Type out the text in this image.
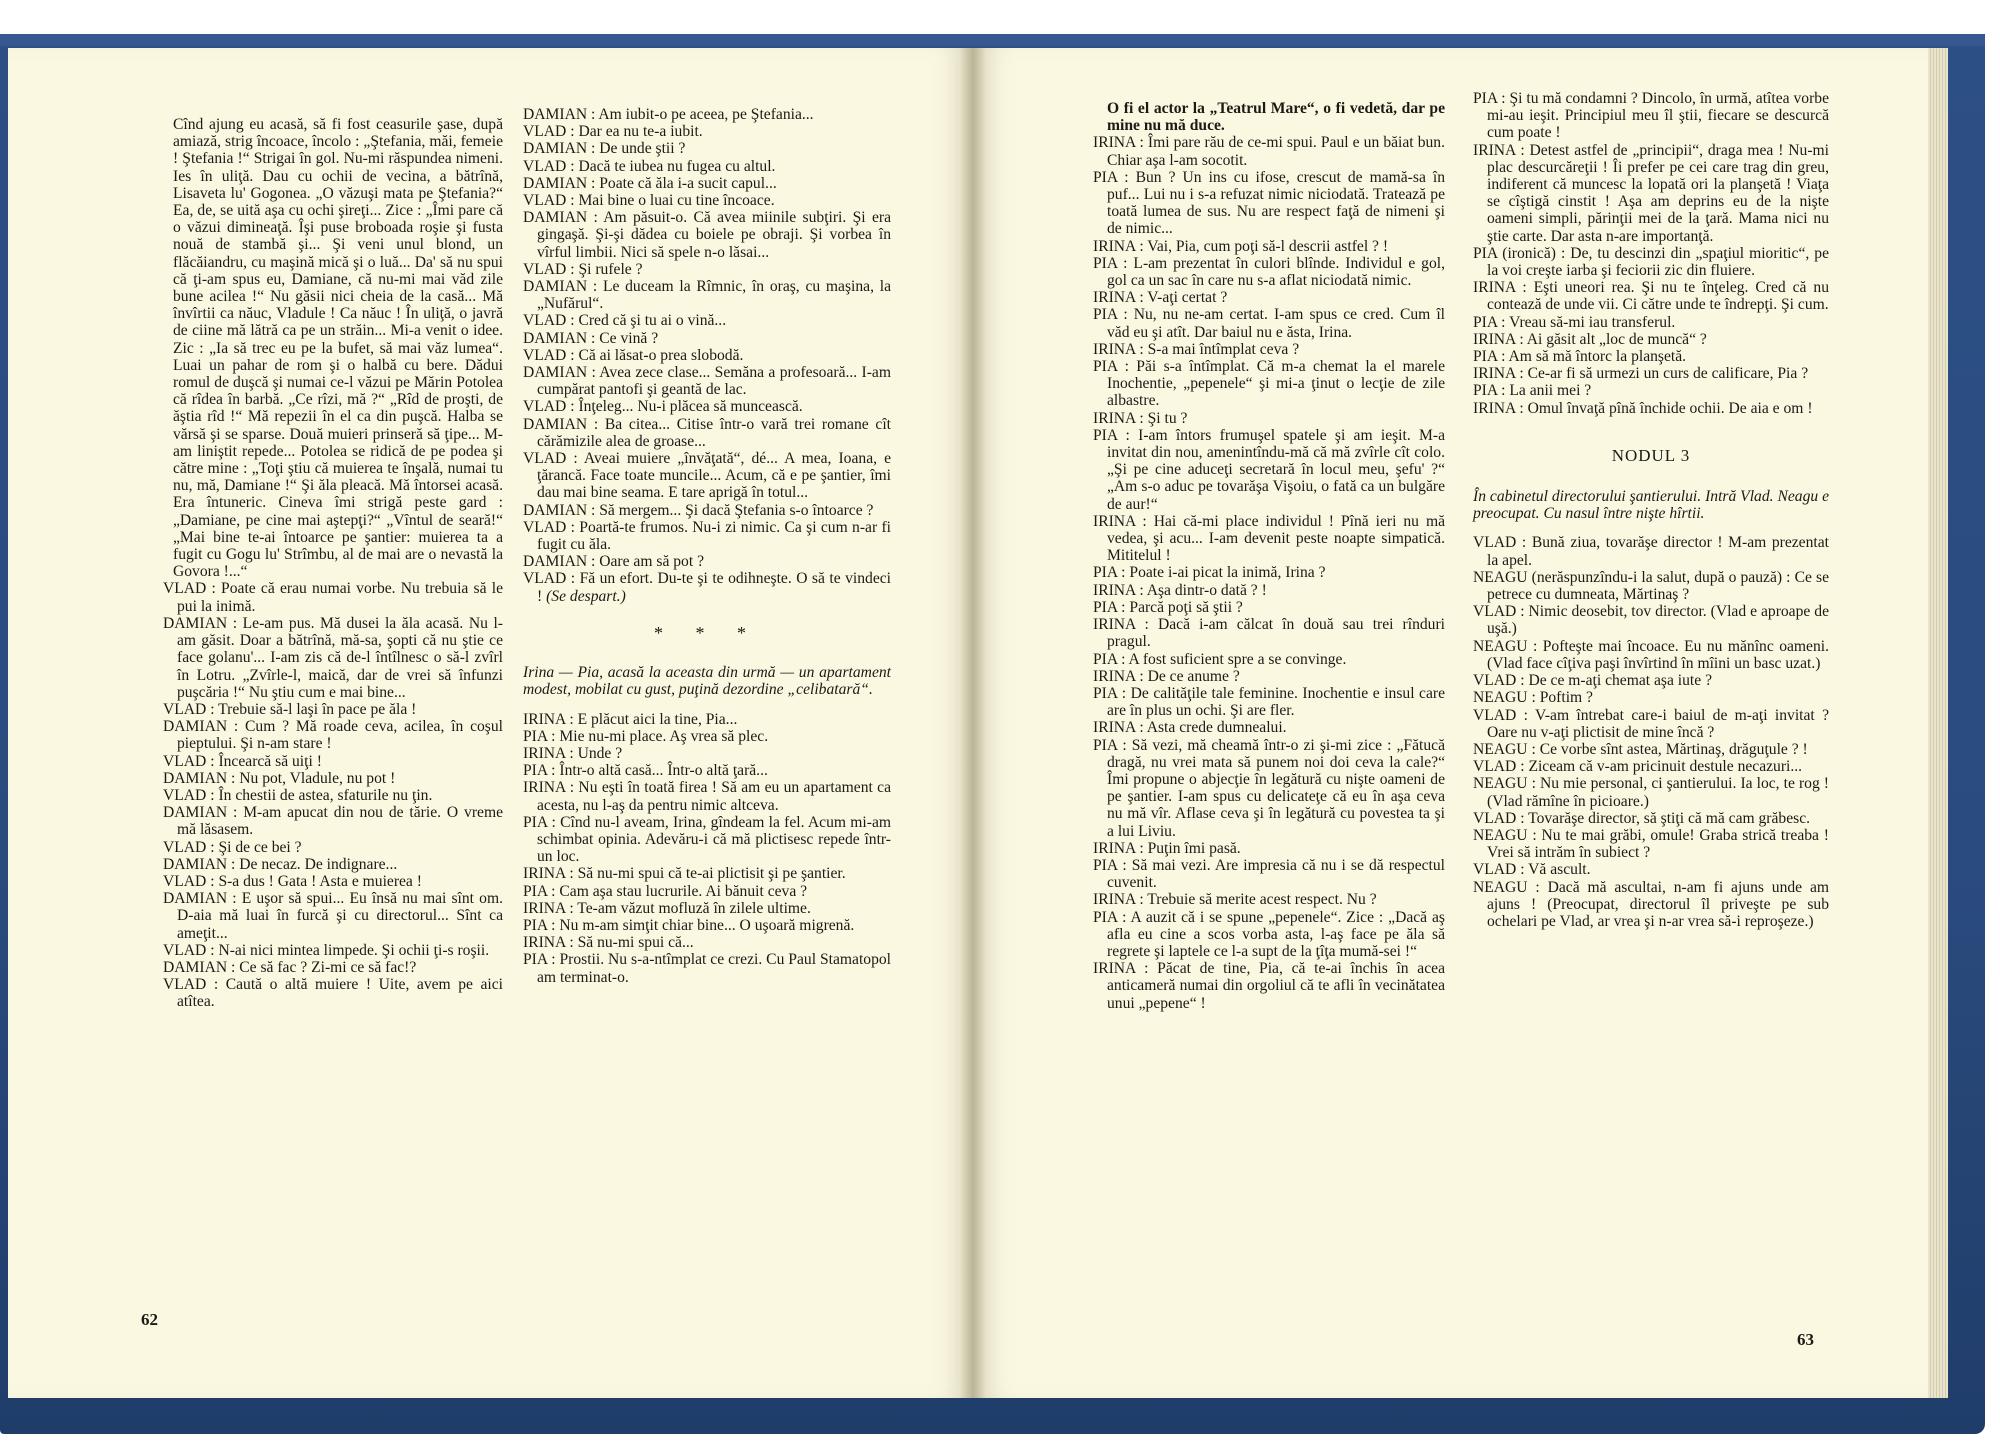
Cînd ajung eu acasă, să fi fost ceasurile şase, după amiază, strig încoace, încolo : „Ştefania, măi, femeie ! Ştefania !“ Strigai în gol. Nu-mi răspundea nimeni. Ies în uliţă. Dau cu ochii de vecina, a bătrînă, Lisaveta lu' Gogonea. „O văzuşi mata pe Ştefania?“ Ea, de, se uită aşa cu ochi şireţi... Zice : „Îmi pare că o văzui dimineaţă. Îşi puse broboada roşie şi fusta nouă de stambă şi... Şi veni unul blond, un flăcăiandru, cu maşină mică şi o luă... Da' să nu spui că ţi-am spus eu, Damiane, că nu-mi mai văd zile bune acilea !“ Nu găsii nici cheia de la casă... Mă învîrtii ca năuc, Vladule ! Ca năuc ! În uliţă, o javră de ciine mă lătră ca pe un străin... Mi-a venit o idee. Zic : „Ia să trec eu pe la bufet, să mai văz lumea“. Luai un pahar de rom şi o halbă cu bere. Dădui romul de duşcă şi numai ce-l văzui pe Mărin Potolea că rîdea în barbă. „Ce rîzi, mă ?“ „Rîd de proşti, de ăştia rîd !“ Mă repezii în el ca din puşcă. Halba se vărsă şi se sparse. Două muieri prinseră să ţipe... M-am liniştit repede... Potolea se ridică de pe podea şi către mine : „Toţi ştiu că muierea te înşală, numai tu nu, mă, Damiane !“ Şi ăla pleacă. Mă întorsei acasă. Era întuneric. Cineva îmi strigă peste gard : „Damiane, pe cine mai aştepţi?“ „Vîntul de seară!“ „Mai bine te-ai întoarce pe şantier: muierea ta a fugit cu Gogu lu' Strîmbu, al de mai are o nevastă la Govora !...“

VLAD : Poate că erau numai vorbe. Nu trebuia să le pui la inimă.

DAMIAN : Le-am pus. Mă dusei la ăla acasă. Nu l-am găsit. Doar a bătrînă, mă-sa, şopti că nu ştie ce face golanu'... I-am zis că de-l întîlnesc o să-l zvîrl în Lotru. „Zvîrle-l, maică, dar de vrei să înfunzi puşcăria !“ Nu ştiu cum e mai bine...

VLAD : Trebuie să-l laşi în pace pe ăla !

DAMIAN : Cum ? Mă roade ceva, acilea, în coşul pieptului. Şi n-am stare !

VLAD : Încearcă să uiţi !

DAMIAN : Nu pot, Vladule, nu pot !

VLAD : În chestii de astea, sfaturile nu ţin.

DAMIAN : M-am apucat din nou de tărie. O vreme mă lăsasem.

VLAD : Şi de ce bei ?

DAMIAN : De necaz. De indignare...

VLAD : S-a dus ! Gata ! Asta e muierea !

DAMIAN : E uşor să spui... Eu însă nu mai sînt om. D-aia mă luai în furcă şi cu directorul... Sînt ca ameţit...

VLAD : N-ai nici mintea limpede. Şi ochii ţi-s roşii.

DAMIAN : Ce să fac ? Zi-mi ce să fac!?

VLAD : Caută o altă muiere ! Uite, avem pe aici atîtea.

DAMIAN : Am iubit-o pe aceea, pe Ştefania...

VLAD : Dar ea nu te-a iubit.

DAMIAN : De unde ştii ?

VLAD : Dacă te iubea nu fugea cu altul.

DAMIAN : Poate că ăla i-a sucit capul...

VLAD : Mai bine o luai cu tine încoace.

DAMIAN : Am păsuit-o. Că avea miinile subţiri. Şi era gingaşă. Şi-şi dădea cu boiele pe obraji. Şi vorbea în vîrful limbii. Nici să spele n-o lăsai...

VLAD : Şi rufele ?

DAMIAN : Le duceam la Rîmnic, în oraş, cu maşina, la „Nufărul“.

VLAD : Cred că şi tu ai o vină...

DAMIAN : Ce vină ?

VLAD : Că ai lăsat-o prea slobodă.

DAMIAN : Avea zece clase... Semăna a profesoară... I-am cumpărat pantofi şi geantă de lac.

VLAD : Înţeleg... Nu-i plăcea să muncească.

DAMIAN : Ba citea... Citise într-o vară trei romane cît cărămizile alea de groase...

VLAD : Aveai muiere „învăţată“, dé... A mea, Ioana, e ţărancă. Face toate muncile... Acum, că e pe şantier, îmi dau mai bine seama. E tare aprigă în totul...

DAMIAN : Să mergem... Şi dacă Ştefania s-o întoarce ?

VLAD : Poartă-te frumos. Nu-i zi nimic. Ca şi cum n-ar fi fugit cu ăla.

DAMIAN : Oare am să pot ?

VLAD : Fă un efort. Du-te şi te odihneşte. O să te vindeci ! (Se despart.)

* * *

Irina — Pia, acasă la aceasta din urmă — un apartament modest, mobilat cu gust, puţină dezordine „celibatară“.

IRINA : E plăcut aici la tine, Pia...

PIA : Mie nu-mi place. Aş vrea să plec.

IRINA : Unde ?

PIA : Într-o altă casă... Într-o altă ţară...

IRINA : Nu eşti în toată firea ! Să am eu un apartament ca acesta, nu l-aş da pentru nimic altceva.

PIA : Cînd nu-l aveam, Irina, gîndeam la fel. Acum mi-am schimbat opinia. Adevăru-i că mă plictisesc repede într-un loc.

IRINA : Să nu-mi spui că te-ai plictisit şi pe şantier.

PIA : Cam aşa stau lucrurile. Ai bănuit ceva ?

IRINA : Te-am văzut mofluză în zilele ultime.

PIA : Nu m-am simţit chiar bine... O uşoară migrenă.

IRINA : Să nu-mi spui că...

PIA : Prostii. Nu s-a-ntîmplat ce crezi. Cu Paul Stamatopol am terminat-o.

62

O fi el actor la „Teatrul Mare“, o fi vedetă, dar pe mine nu mă duce.

IRINA : Îmi pare rău de ce-mi spui. Paul e un băiat bun. Chiar aşa l-am socotit.

PIA : Bun ? Un ins cu ifose, crescut de mamă-sa în puf... Lui nu i s-a refuzat nimic niciodată. Tratează pe toată lumea de sus. Nu are respect faţă de nimeni şi de nimic...

IRINA : Vai, Pia, cum poţi să-l descrii astfel ? !

PIA : L-am prezentat în culori blînde. Individul e gol, gol ca un sac în care nu s-a aflat niciodată nimic.

IRINA : V-aţi certat ?

PIA : Nu, nu ne-am certat. I-am spus ce cred. Cum îl văd eu şi atît. Dar baiul nu e ăsta, Irina.

IRINA : S-a mai întîmplat ceva ?

PIA : Păi s-a întîmplat. Că m-a chemat la el marele Inochentie, „pepenele“ şi mi-a ţinut o lecţie de zile albastre.

IRINA : Şi tu ?

PIA : I-am întors frumuşel spatele şi am ieşit. M-a invitat din nou, amenintîndu-mă că mă zvîrle cît colo. „Şi pe cine aduceţi secretară în locul meu, şefu' ?“ „Am s-o aduc pe tovarăşa Vişoiu, o fată ca un bulgăre de aur!“

IRINA : Hai că-mi place individul ! Pînă ieri nu mă vedea, şi acu... I-am devenit peste noapte simpatică. Mititelul !

PIA : Poate i-ai picat la inimă, Irina ?

IRINA : Aşa dintr-o dată ? !

PIA : Parcă poţi să ştii ?

IRINA : Dacă i-am călcat în două sau trei rînduri pragul.

PIA : A fost suficient spre a se convinge.

IRINA : De ce anume ?

PIA : De calităţile tale feminine. Inochentie e insul care are în plus un ochi. Şi are fler.

IRINA : Asta crede dumnealui.

PIA : Să vezi, mă cheamă într-o zi şi-mi zice : „Fătucă dragă, nu vrei mata să punem noi doi ceva la cale?“ Îmi propune o abjecţie în legătură cu nişte oameni de pe şantier. I-am spus cu delicateţe că eu în aşa ceva nu mă vîr. Aflase ceva şi în legătură cu povestea ta şi a lui Liviu.

IRINA : Puţin îmi pasă.

PIA : Să mai vezi. Are impresia că nu i se dă respectul cuvenit.

IRINA : Trebuie să merite acest respect. Nu ?

PIA : A auzit că i se spune „pepenele“. Zice : „Dacă aş afla eu cine a scos vorba asta, l-aş face pe ăla să regrete şi laptele ce l-a supt de la ţîţa mumă-sei !“

IRINA : Păcat de tine, Pia, că te-ai închis în acea anticameră numai din orgoliul că te afli în vecinătatea unui „pepene“ !

PIA : Şi tu mă condamni ? Dincolo, în urmă, atîtea vorbe mi-au ieşit. Principiul meu îl ştii, fiecare se descurcă cum poate !

IRINA : Detest astfel de „principii“, draga mea ! Nu-mi plac descurcăreţii ! Îi prefer pe cei care trag din greu, indiferent că muncesc la lopată ori la planşetă ! Viaţa se cîştigă cinstit ! Aşa am deprins eu de la nişte oameni simpli, părinţii mei de la ţară. Mama nici nu ştie carte. Dar asta n-are importanţă.

PIA (ironică) : De, tu descinzi din „spaţiul mioritic“, pe la voi creşte iarba şi feciorii zic din fluiere.

IRINA : Eşti uneori rea. Şi nu te înţeleg. Cred că nu contează de unde vii. Ci către unde te îndrepţi. Şi cum.

PIA : Vreau să-mi iau transferul.

IRINA : Ai găsit alt „loc de muncă“ ?

PIA : Am să mă întorc la planşetă.

IRINA : Ce-ar fi să urmezi un curs de calificare, Pia ?

PIA : La anii mei ?

IRINA : Omul învaţă pînă închide ochii. De aia e om !

NODUL 3

În cabinetul directorului şantierului. Intră Vlad. Neagu e preocupat. Cu nasul între nişte hîrtii.

VLAD : Bună ziua, tovarăşe director ! M-am prezentat la apel.

NEAGU (nerăspunzîndu-i la salut, după o pauză) : Ce se petrece cu dumneata, Mărtinaş ?

VLAD : Nimic deosebit, tov director. (Vlad e aproape de uşă.)

NEAGU : Pofteşte mai încoace. Eu nu mănînc oameni. (Vlad face cîţiva paşi învîrtind în mîini un basc uzat.)

VLAD : De ce m-aţi chemat aşa iute ?

NEAGU : Poftim ?

VLAD : V-am întrebat care-i baiul de m-aţi invitat ? Oare nu v-aţi plictisit de mine încă ?

NEAGU : Ce vorbe sînt astea, Mărtinaş, drăguţule ? !

VLAD : Ziceam că v-am pricinuit destule necazuri...

NEAGU : Nu mie personal, ci şantierului. Ia loc, te rog ! (Vlad rămîne în picioare.)

VLAD : Tovarăşe director, să ştiţi că mă cam grăbesc.

NEAGU : Nu te mai grăbi, omule! Graba strică treaba ! Vrei să intrăm în subiect ?

VLAD : Vă ascult.

NEAGU : Dacă mă ascultai, n-am fi ajuns unde am ajuns ! (Preocupat, directorul îl priveşte pe sub ochelari pe Vlad, ar vrea şi n-ar vrea să-i reproşeze.)

63
